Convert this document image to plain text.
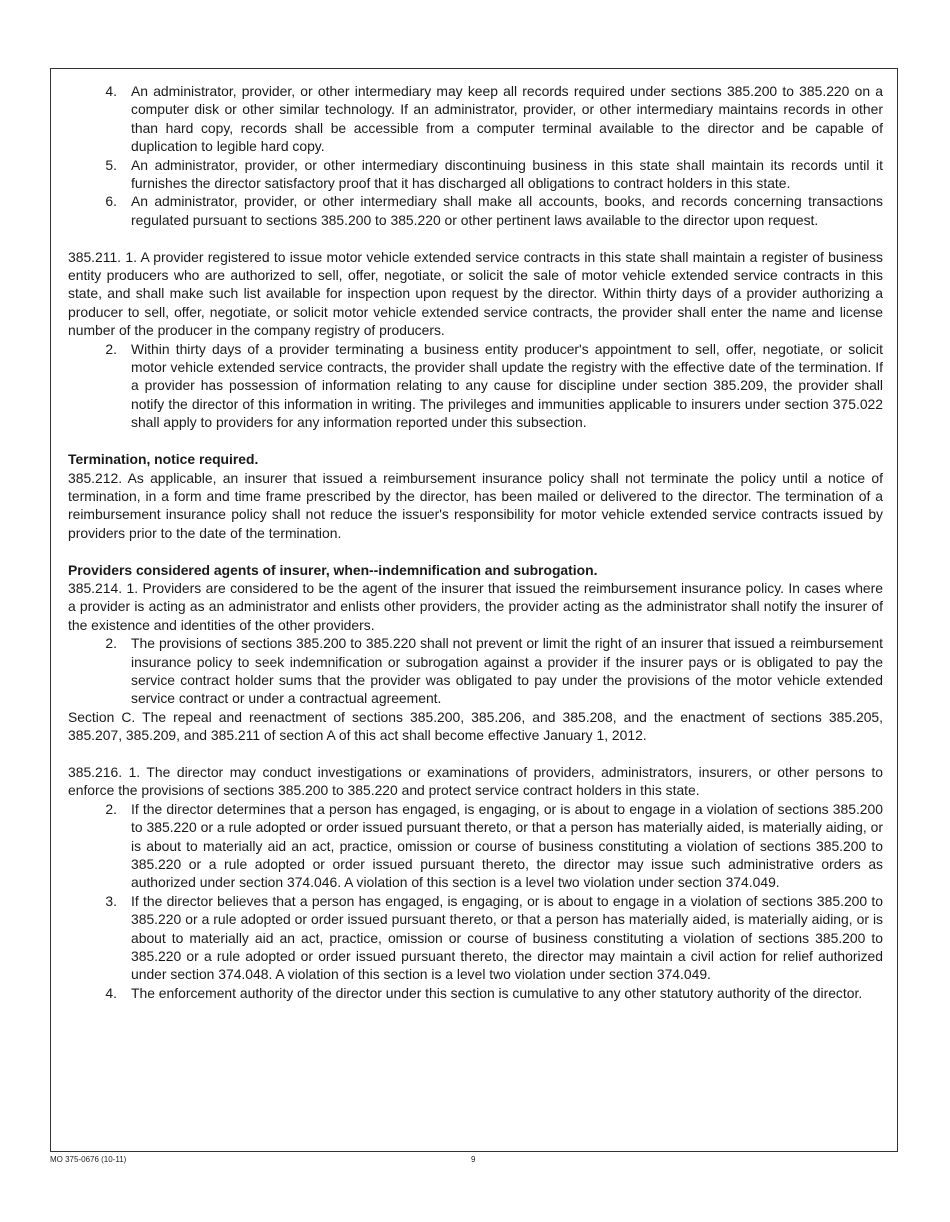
4.	An administrator, provider, or other intermediary may keep all records required under sections 385.200 to 385.220 on a computer disk or other similar technology. If an administrator, provider, or other intermediary maintains records in other than hard copy, records shall be accessible from a computer terminal available to the director and be capable of duplication to legible hard copy.
5.	An administrator, provider, or other intermediary discontinuing business in this state shall maintain its records until it furnishes the director satisfactory proof that it has discharged all obligations to contract holders in this state.
6.	An administrator, provider, or other intermediary shall make all accounts, books, and records concerning transactions regulated pursuant to sections 385.200 to 385.220 or other pertinent laws available to the director upon request.

385.211. 1. A provider registered to issue motor vehicle extended service contracts in this state shall maintain a register of business entity producers who are authorized to sell, offer, negotiate, or solicit the sale of motor vehicle extended service contracts in this state, and shall make such list available for inspection upon request by the director. Within thirty days of a provider authorizing a producer to sell, offer, negotiate, or solicit motor vehicle extended service contracts, the provider shall enter the name and license number of the producer in the company registry of producers.

2.	Within thirty days of a provider terminating a business entity producer's appointment to sell, offer, negotiate, or solicit motor vehicle extended service contracts, the provider shall update the registry with the effective date of the termination. If a provider has possession of information relating to any cause for discipline under section 385.209, the provider shall notify the director of this information in writing. The privileges and immunities applicable to insurers under section 375.022 shall apply to providers for any information reported under this subsection.

Termination, notice required.

385.212. As applicable, an insurer that issued a reimbursement insurance policy shall not terminate the policy until a notice of termination, in a form and time frame prescribed by the director, has been mailed or delivered to the director. The termination of a reimbursement insurance policy shall not reduce the issuer's responsibility for motor vehicle extended service contracts issued by providers prior to the date of the termination.

Providers considered agents of insurer, when--indemnification and subrogation.

385.214. 1. Providers are considered to be the agent of the insurer that issued the reimbursement insurance policy. In cases where a provider is acting as an administrator and enlists other providers, the provider acting as the administrator shall notify the insurer of the existence and identities of the other providers.

2.	The provisions of sections 385.200 to 385.220 shall not prevent or limit the right of an insurer that issued a reimbursement insurance policy to seek indemnification or subrogation against a provider if the insurer pays or is obligated to pay the service contract holder sums that the provider was obligated to pay under the provisions of the motor vehicle extended service contract or under a contractual agreement.

Section C. The repeal and reenactment of sections 385.200, 385.206, and 385.208, and the enactment of sections 385.205, 385.207, 385.209, and 385.211 of section A of this act shall become effective January 1, 2012.

385.216. 1. The director may conduct investigations or examinations of providers, administrators, insurers, or other persons to enforce the provisions of sections 385.200 to 385.220 and protect service contract holders in this state.

2.	If the director determines that a person has engaged, is engaging, or is about to engage in a violation of sections 385.200 to 385.220 or a rule adopted or order issued pursuant thereto, or that a person has materially aided, is materially aiding, or is about to materially aid an act, practice, omission or course of business constituting a violation of sections 385.200 to 385.220 or a rule adopted or order issued pursuant thereto, the director may issue such administrative orders as authorized under section 374.046. A violation of this section is a level two violation under section 374.049.
3.	If the director believes that a person has engaged, is engaging, or is about to engage in a violation of sections 385.200 to 385.220 or a rule adopted or order issued pursuant thereto, or that a person has materially aided, is materially aiding, or is about to materially aid an act, practice, omission or course of business constituting a violation of sections 385.200 to 385.220 or a rule adopted or order issued pursuant thereto, the director may maintain a civil action for relief authorized under section 374.048. A violation of this section is a level two violation under section 374.049.
4.	The enforcement authority of the director under this section is cumulative to any other statutory authority of the director.
MO 375-0676 (10-11)	9
